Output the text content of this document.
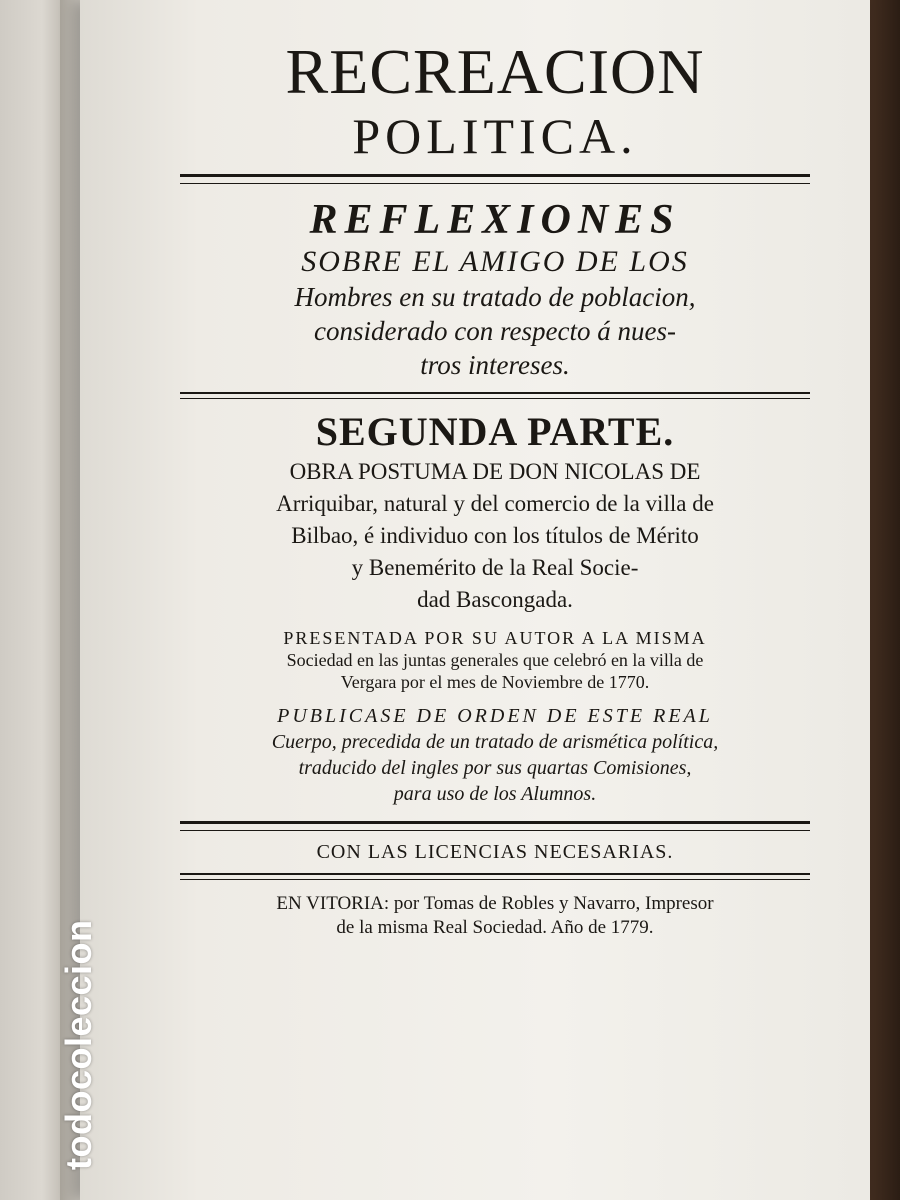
RECREACION

POLITICA.

REFLEXIONES

SOBRE EL AMIGO DE LOS

Hombres en su tratado de poblacion,

considerado con respecto á nues-

tros intereses.

SEGUNDA PARTE.

OBRA POSTUMA DE DON NICOLAS DE

Arriquibar, natural y del comercio de la villa de

Bilbao, é individuo con los títulos de Mérito

y Benemérito de la Real Socie-

dad Bascongada.

PRESENTADA POR SU AUTOR A LA MISMA

Sociedad en las juntas generales que celebró en la villa de

Vergara por el mes de Noviembre de 1770.

PUBLICASE DE ORDEN DE ESTE REAL

Cuerpo, precedida de un tratado de arismética política,

traducido del ingles por sus quartas Comisiones,

para uso de los Alumnos.

CON LAS LICENCIAS NECESARIAS.

EN VITORIA: por Tomas de Robles y Navarro, Impresor

de la misma Real Sociedad. Año de 1779.

todocoleccion
